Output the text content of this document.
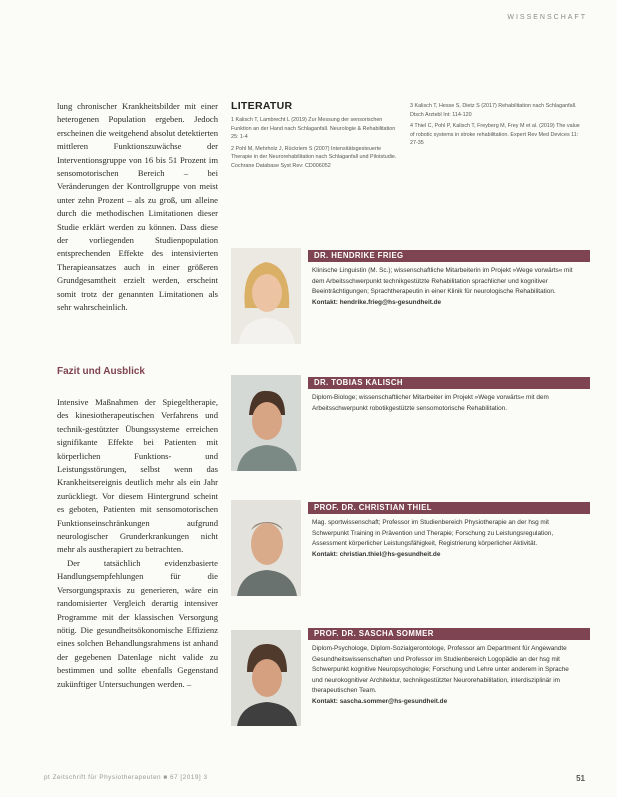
WISSENSCHAFT

lung chronischer Krankheitsbilder mit einer heterogenen Population ergeben. Jedoch erscheinen die weitgehend absolut detektierten mittleren Funktionszuwächse der Interventionsgruppe von 16 bis 51 Prozent im sensomotorischen Bereich – bei Veränderungen der Kontrollgruppe von meist unter zehn Prozent – als zu groß, um alleine durch die methodischen Limitationen dieser Studie erklärt werden zu können. Dass diese der vorliegenden Studienpopulation entsprechenden Effekte des intensivierten Therapieansatzes auch in einer größeren Grundgesamtheit erzielt werden, erscheint somit trotz der genannten Limitationen als sehr wahrscheinlich.

Fazit und Ausblick

Intensive Maßnahmen der Spiegeltherapie, des kinesiotherapeutischen Verfahrens und technik-gestützter Übungssysteme erreichen signifikante Effekte bei Patienten mit körperlichen Funktions- und Leistungsstörungen, selbst wenn das Krankheitsereignis deutlich mehr als ein Jahr zurückliegt. Vor diesem Hintergrund scheint es geboten, Patienten mit sensomotorischen Funktionseinschränkungen aufgrund neurologischer Grunderkrankungen nicht mehr als austherapiert zu betrachten.

Der tatsächlich evidenzbasierte Handlungsempfehlungen für die Versorgungspraxis zu generieren, wäre ein randomisierter Vergleich derartig intensiver Programme mit der klassischen Versorgung nötig. Die gesundheitsökonomische Effizienz eines solchen Behandlungsrahmens ist anhand der gegebenen Datenlage nicht valide zu bestimmen und sollte ebenfalls Gegenstand zukünftiger Untersuchungen werden. –

LITERATUR

1 Kalisch T, Lambrecht L (2019) Zur Messung der sensorischen Funktion an der Hand nach Schlaganfall. Neurologie & Rehabilitation 25: 1-4

2 Pohl M, Mehrholz J, Rückriem S (2007) Intensitätsgesteuerte Therapie in der Neurorehabilitation nach Schlaganfall und Pilotstudie. Cochrane Database Syst Rev: CD006052

3 Kalisch T, Hesse S, Dietz S (2017) Rehabilitation nach Schlaganfall. Dtsch Arztebl Int: 114-120

4 Thiel C, Pohl P, Kalisch T, Freyberg M, Frey M et al. (2019) The value of robotic systems in stroke rehabilitation. Expert Rev Med Devices 11: 27-35

DR. HENDRIKE FRIEG

Klinische Linguistin (M. Sc.); wissenschaftliche Mitarbeiterin im Projekt »Wege vorwärts« mit dem Arbeitsschwerpunkt technikgestützte Rehabilitation sprachlicher und kognitiver Beeinträchtigungen; Sprachtherapeutin in einer Klinik für neurologische Rehabilitation.

Kontakt: hendrike.frieg@hs-gesundheit.de

DR. TOBIAS KALISCH

Diplom-Biologe; wissenschaftlicher Mitarbeiter im Projekt »Wege vorwärts« mit dem Arbeitsschwerpunkt robotikgestützte sensomotorische Rehabilitation.

PROF. DR. CHRISTIAN THIEL

Mag. sportwissenschaft; Professor im Studienbereich Physiotherapie an der hsg mit Schwerpunkt Training in Prävention und Therapie; Forschung zu Leistungsregulation, Assessment körperlicher Leistungsfähigkeit, Registrierung körperlicher Aktivität.

Kontakt: christian.thiel@hs-gesundheit.de

PROF. DR. SASCHA SOMMER

Diplom-Psychologe, Diplom-Sozialgerontologe, Professor am Department für Angewandte Gesundheitswissenschaften und Professor im Studienbereich Logopädie an der hsg mit Schwerpunkt kognitive Neuropsychologie; Forschung und Lehre unter anderem in Sprache und neurokognitiver Architektur, technikgestützter Neurorehabilitation, interdisziplinär im therapeutischen Team.

Kontakt: sascha.sommer@hs-gesundheit.de

pt Zeitschrift für Physiotherapeuten ■ 67 [2019] 3	51
